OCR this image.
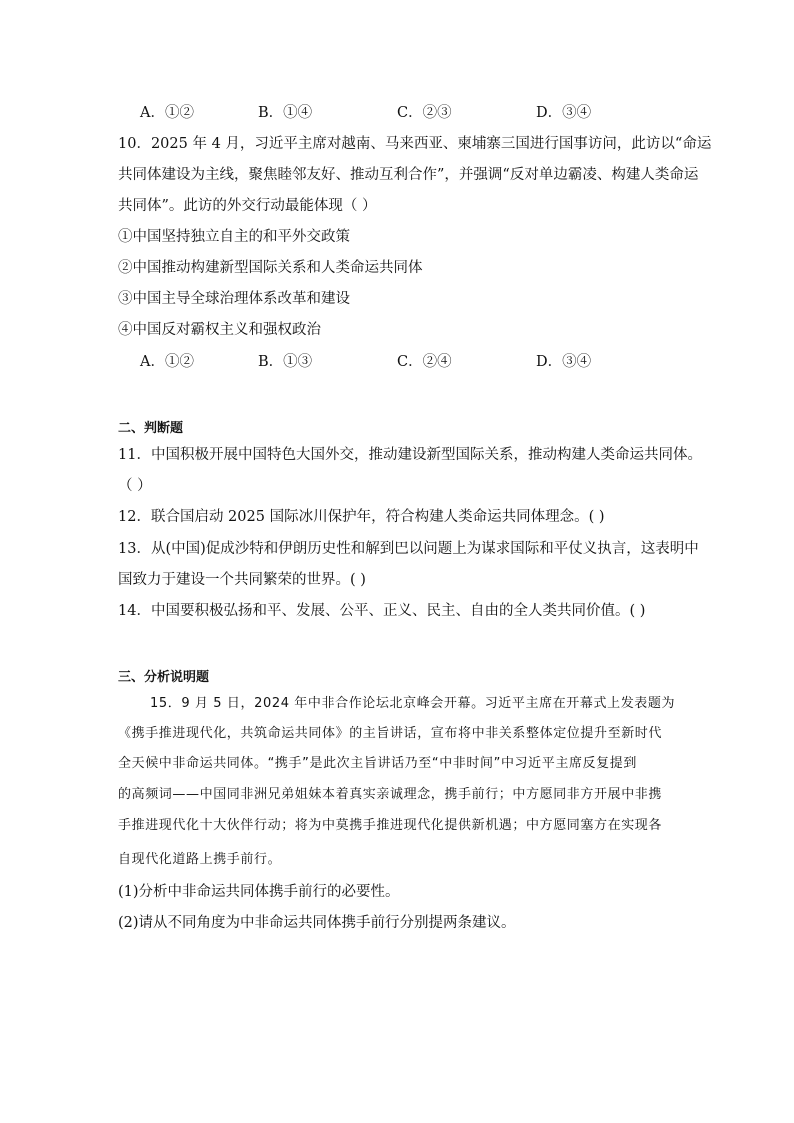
A．①②	B．①④	C．②③	D．③④
10．2025 年 4 月，习近平主席对越南、马来西亚、柬埔寨三国进行国事访问，此访以“命运
共同体建设为主线，聚焦睦邻友好、推动互利合作”，并强调“反对单边霸凌、构建人类命运
共同体”。此访的外交行动最能体现（ ）
①中国坚持独立自主的和平外交政策
②中国推动构建新型国际关系和人类命运共同体
③中国主导全球治理体系改革和建设
④中国反对霸权主义和强权政治
A．①②	B．①③	C．②④	D．③④
二、判断题
11．中国积极开展中国特色大国外交，推动建设新型国际关系，推动构建人类命运共同体。
（ ）
12．联合国启动 2025 国际冰川保护年，符合构建人类命运共同体理念。( )
13．从(中国)促成沙特和伊朗历史性和解到巴以问题上为谋求国际和平仗义执言，这表明中
国致力于建设一个共同繁荣的世界。( )
14．中国要积极弘扬和平、发展、公平、正义、民主、自由的全人类共同价值。( )
三、分析说明题
15．9 月 5 日，2024 年中非合作论坛北京峰会开幕。习近平主席在开幕式上发表题为
《携手推进现代化，共筑命运共同体》的主旨讲话，宣布将中非关系整体定位提升至新时代
全天候中非命运共同体。“携手”是此次主旨讲话乃至“中非时间”中习近平主席反复提到
的高频词——中国同非洲兄弟姐妹本着真实亲诚理念，携手前行；中方愿同非方开展中非携
手推进现代化十大伙伴行动；将为中莫携手推进现代化提供新机遇；中方愿同塞方在实现各
自现代化道路上携手前行。
(1)分析中非命运共同体携手前行的必要性。
(2)请从不同角度为中非命运共同体携手前行分别提两条建议。
